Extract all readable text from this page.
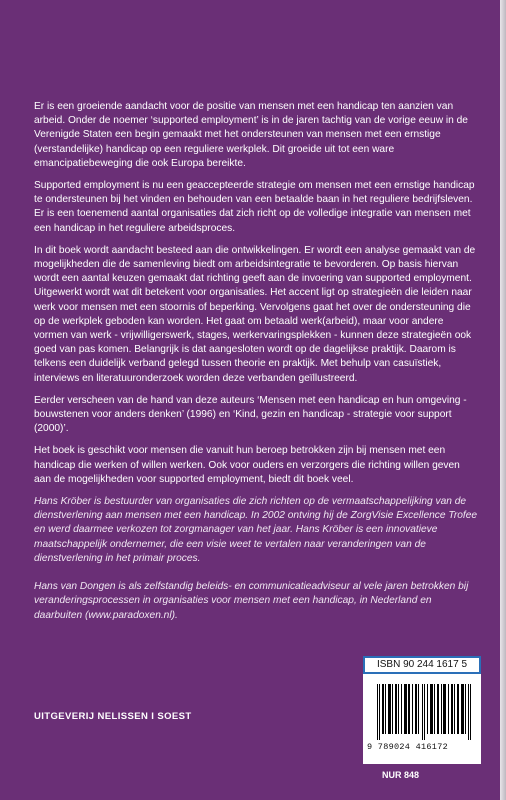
Er is een groeiende aandacht voor de positie van mensen met een handicap ten aanzien van arbeid. Onder de noemer ‘supported employment’ is in de jaren tachtig van de vorige eeuw in de Verenigde Staten een begin gemaakt met het ondersteunen van mensen met een ernstige (verstandelijke) handicap op een reguliere werkplek. Dit groeide uit tot een ware emancipatiebeweging die ook Europa bereikte.

Supported employment is nu een geaccepteerde strategie om mensen met een ernstige handicap te ondersteunen bij het vinden en behouden van een betaalde baan in het reguliere bedrijfsleven. Er is een toenemend aantal organisaties dat zich richt op de volledige integratie van mensen met een handicap in het reguliere arbeidsproces.

In dit boek wordt aandacht besteed aan die ontwikkelingen. Er wordt een analyse gemaakt van de mogelijkheden die de samenleving biedt om arbeidsintegratie te bevorderen. Op basis hiervan wordt een aantal keuzen gemaakt dat richting geeft aan de invoering van supported employment. Uitgewerkt wordt wat dit betekent voor organisaties. Het accent ligt op strategieën die leiden naar werk voor mensen met een stoornis of beperking. Vervolgens gaat het over de ondersteuning die op de werkplek geboden kan worden. Het gaat om betaald werk(arbeid), maar voor andere vormen van werk - vrijwilligerswerk, stages, werkervaringsplekken - kunnen deze strategieën ook goed van pas komen. Belangrijk is dat aangesloten wordt op de dagelijkse praktijk. Daarom is telkens een duidelijk verband gelegd tussen theorie en praktijk. Met behulp van casuïstiek, interviews en literatuuronderzoek worden deze verbanden geïllustreerd.

Eerder verscheen van de hand van deze auteurs ‘Mensen met een handicap en hun omgeving - bouwstenen voor anders denken’ (1996) en ‘Kind, gezin en handicap - strategie voor support (2000)’.

Het boek is geschikt voor mensen die vanuit hun beroep betrokken zijn bij mensen met een handicap die werken of willen werken. Ook voor ouders en verzorgers die richting willen geven aan de mogelijkheden voor supported employment, biedt dit boek veel.

Hans Kröber is bestuurder van organisaties die zich richten op de vermaatschappelijking van de dienstverlening aan mensen met een handicap. In 2002 ontving hij de ZorgVisie Excellence Trofee en werd daarmee verkozen tot zorgmanager van het jaar. Hans Kröber is een innovatieve maatschappelijk ondernemer, die een visie weet te vertalen naar veranderingen van de dienstverlening in het primair proces.

Hans van Dongen is als zelfstandig beleids- en communicatieadviseur al vele jaren betrokken bij veranderingsprocessen in organisaties voor mensen met een handicap, in Nederland en daarbuiten (www.paradoxen.nl).

UITGEVERIJ NELISSEN I SOEST
ISBN 90 244 1617 5
9 789024 416172
NUR 848
